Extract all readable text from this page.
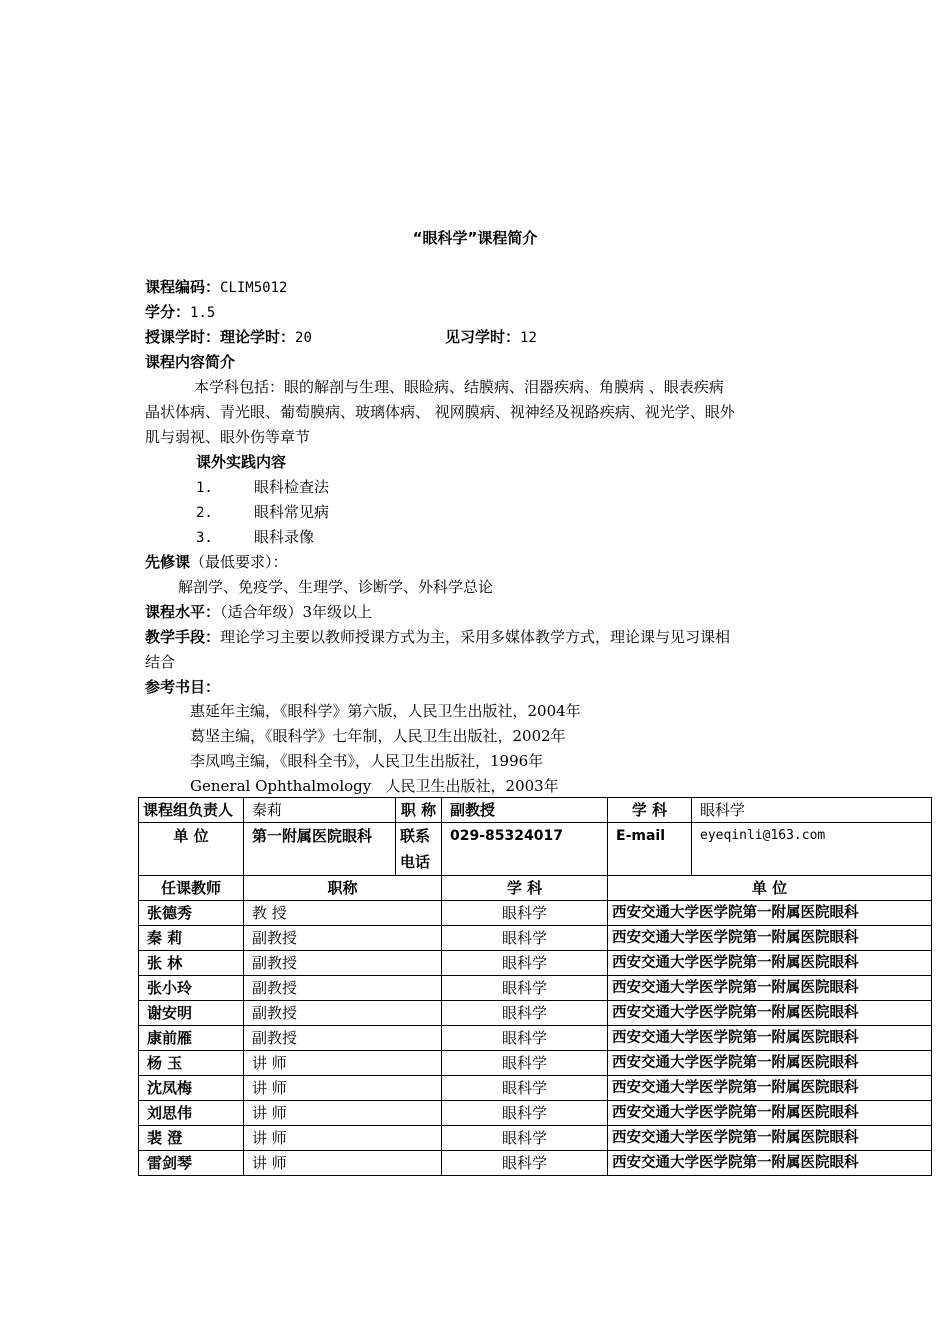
“眼科学”课程简介
课程编码：CLIM5012
学分：1.5
授课学时：理论学时：20	见习学时：12
课程内容简介
本学科包括：眼的解剖与生理、眼睑病、结膜病、泪器疾病、角膜病 、眼表疾病
晶状体病、青光眼、葡萄膜病、玻璃体病、 视网膜病、视神经及视路疾病、视光学、眼外
肌与弱视、眼外伤等章节
课外实践内容
1.	眼科检查法
2.	眼科常见病
3.	眼科录像
先修课（最低要求）：
解剖学、免疫学、生理学、诊断学、外科学总论
课程水平：（适合年级）3年级以上
教学手段：理论学习主要以教师授课方式为主，采用多媒体教学方式，理论课与见习课相
结合
参考书目：
惠延年主编，《眼科学》第六版，人民卫生出版社，2004年
葛坚主编，《眼科学》七年制，人民卫生出版社，2002年
李凤鸣主编，《眼科全书》，人民卫生出版社，1996年
General Ophthalmology   人民卫生出版社，2003年
课程组负责人	秦莉	职 称	副教授	学 科	眼科学
单 位	第一附属医院眼科	联系电话	029-85324017	E-mail	eyeqinli@163.com
任课教师	职称		学 科	单 位	
张德秀	教 授		眼科学	西安交通大学医学院第一附属医院眼科	
秦 莉	副教授		眼科学	西安交通大学医学院第一附属医院眼科	
张 林	副教授		眼科学	西安交通大学医学院第一附属医院眼科	
张小玲	副教授		眼科学	西安交通大学医学院第一附属医院眼科	
谢安明	副教授		眼科学	西安交通大学医学院第一附属医院眼科	
康前雁	副教授		眼科学	西安交通大学医学院第一附属医院眼科	
杨 玉	讲 师		眼科学	西安交通大学医学院第一附属医院眼科	
沈凤梅	讲 师		眼科学	西安交通大学医学院第一附属医院眼科	
刘思伟	讲 师		眼科学	西安交通大学医学院第一附属医院眼科	
裴 澄	讲 师		眼科学	西安交通大学医学院第一附属医院眼科	
雷剑琴	讲 师		眼科学	西安交通大学医学院第一附属医院眼科	
